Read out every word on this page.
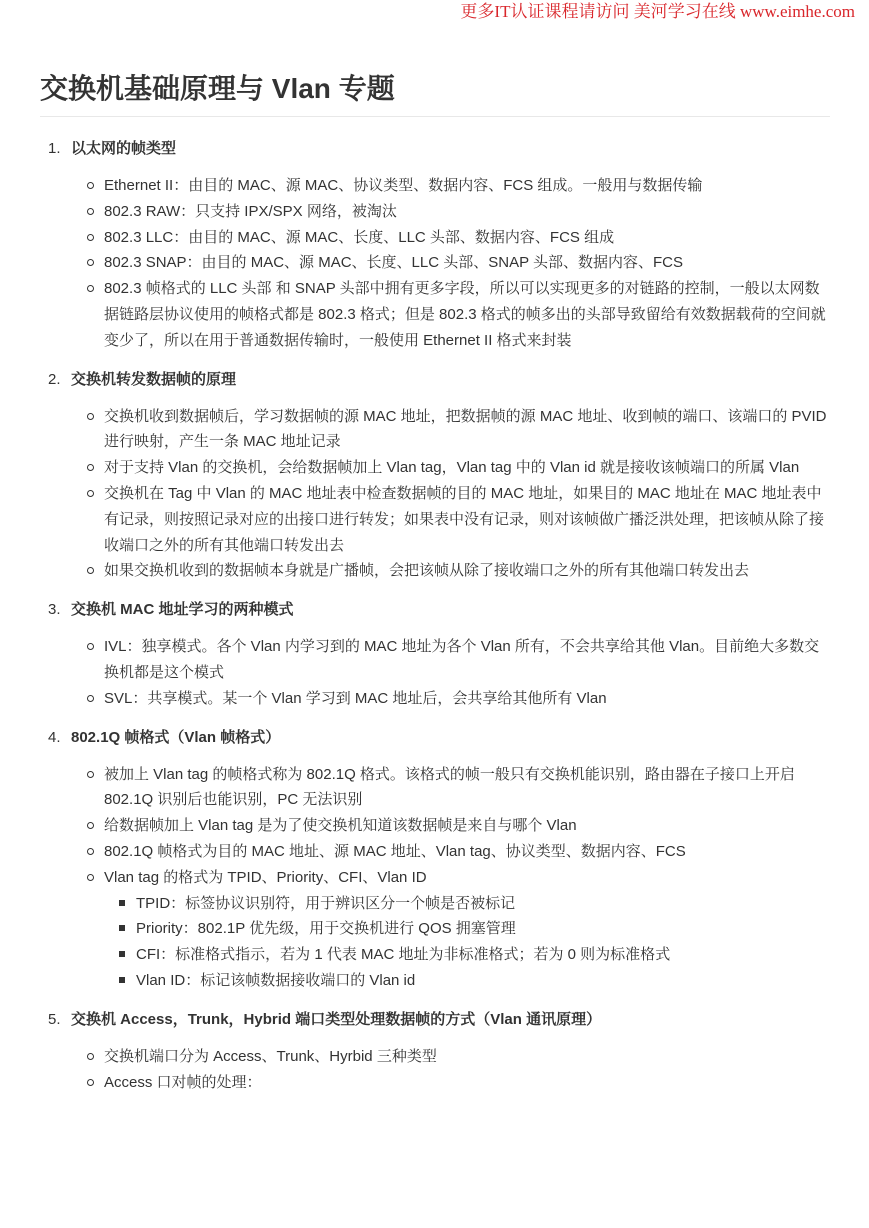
更多IT认证课程请访问 美河学习在线 www.eimhe.com
交换机基础原理与 Vlan 专题
1. 以太网的帧类型
Ethernet II：由目的 MAC、源 MAC、协议类型、数据内容、FCS 组成。一般用与数据传输
802.3 RAW：只支持 IPX/SPX 网络，被淘汰
802.3 LLC：由目的 MAC、源 MAC、长度、LLC 头部、数据内容、FCS 组成
802.3 SNAP：由目的 MAC、源 MAC、长度、LLC 头部、SNAP 头部、数据内容、FCS
802.3 帧格式的 LLC 头部 和 SNAP 头部中拥有更多字段，所以可以实现更多的对链路的控制，一般以太网数据链路层协议使用的帧格式都是 802.3 格式；但是 802.3 格式的帧多出的头部导致留给有效数据载荷的空间就变少了，所以在用于普通数据传输时，一般使用 Ethernet II 格式来封装
2. 交换机转发数据帧的原理
交换机收到数据帧后，学习数据帧的源 MAC 地址，把数据帧的源 MAC 地址、收到帧的端口、该端口的 PVID 进行映射，产生一条 MAC 地址记录
对于支持 Vlan 的交换机，会给数据帧加上 Vlan tag，Vlan tag 中的 Vlan id 就是接收该帧端口的所属 Vlan
交换机在 Tag 中 Vlan 的 MAC 地址表中检查数据帧的目的 MAC 地址，如果目的 MAC 地址在 MAC 地址表中有记录，则按照记录对应的出接口进行转发；如果表中没有记录，则对该帧做广播泛洪处理，把该帧从除了接收端口之外的所有其他端口转发出去
如果交换机收到的数据帧本身就是广播帧，会把该帧从除了接收端口之外的所有其他端口转发出去
3. 交换机 MAC 地址学习的两种模式
IVL：独享模式。各个 Vlan 内学习到的 MAC 地址为各个 Vlan 所有，不会共享给其他 Vlan。目前绝大多数交换机都是这个模式
SVL：共享模式。某一个 Vlan 学习到 MAC 地址后，会共享给其他所有 Vlan
4. 802.1Q 帧格式（Vlan 帧格式）
被加上 Vlan tag 的帧格式称为 802.1Q 格式。该格式的帧一般只有交换机能识别，路由器在子接口上开启 802.1Q 识别后也能识别，PC 无法识别
给数据帧加上 Vlan tag 是为了使交换机知道该数据帧是来自与哪个 Vlan
802.1Q 帧格式为目的 MAC 地址、源 MAC 地址、Vlan tag、协议类型、数据内容、FCS
Vlan tag 的格式为 TPID、Priority、CFI、Vlan ID
TPID：标签协议识别符，用于辨识区分一个帧是否被标记
Priority：802.1P 优先级，用于交换机进行 QOS 拥塞管理
CFI：标准格式指示，若为 1 代表 MAC 地址为非标准格式；若为 0 则为标准格式
Vlan ID：标记该帧数据接收端口的 Vlan id
5. 交换机 Access，Trunk，Hybrid 端口类型处理数据帧的方式（Vlan 通讯原理）
交换机端口分为 Access、Trunk、Hyrbid 三种类型
Access 口对帧的处理：
